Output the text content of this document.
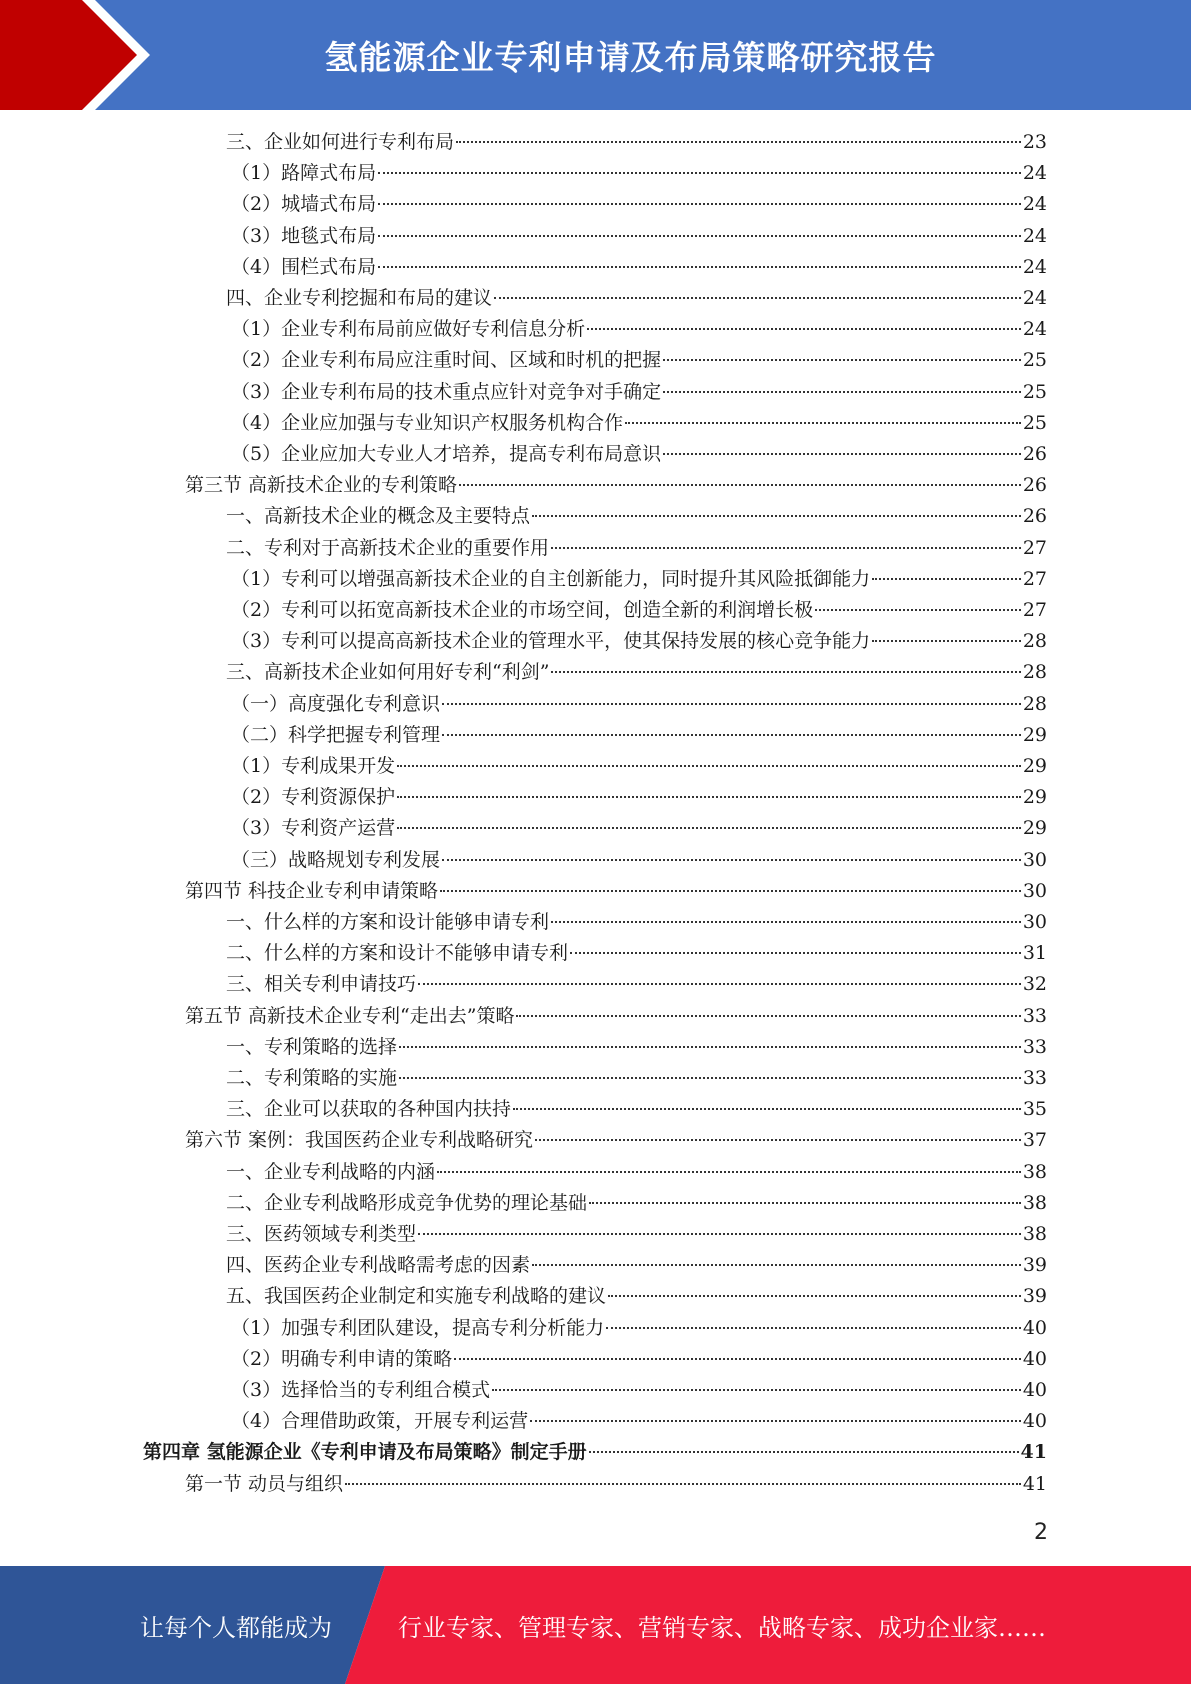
氢能源企业专利申请及布局策略研究报告
三、企业如何进行专利布局	23
（1）路障式布局	24
（2）城墙式布局	24
（3）地毯式布局	24
（4）围栏式布局	24
四、企业专利挖掘和布局的建议	24
（1）企业专利布局前应做好专利信息分析	24
（2）企业专利布局应注重时间、区域和时机的把握	25
（3）企业专利布局的技术重点应针对竞争对手确定	25
（4）企业应加强与专业知识产权服务机构合作	25
（5）企业应加大专业人才培养，提高专利布局意识	26
第三节 高新技术企业的专利策略	26
一、高新技术企业的概念及主要特点	26
二、专利对于高新技术企业的重要作用	27
（1）专利可以增强高新技术企业的自主创新能力，同时提升其风险抵御能力	27
（2）专利可以拓宽高新技术企业的市场空间，创造全新的利润增长极	27
（3）专利可以提高高新技术企业的管理水平，使其保持发展的核心竞争能力	28
三、高新技术企业如何用好专利“利剑”	28
（一）高度强化专利意识	28
（二）科学把握专利管理	29
（1）专利成果开发	29
（2）专利资源保护	29
（3）专利资产运营	29
（三）战略规划专利发展	30
第四节 科技企业专利申请策略	30
一、什么样的方案和设计能够申请专利	30
二、什么样的方案和设计不能够申请专利	31
三、相关专利申请技巧	32
第五节 高新技术企业专利“走出去”策略	33
一、专利策略的选择	33
二、专利策略的实施	33
三、企业可以获取的各种国内扶持	35
第六节 案例：我国医药企业专利战略研究	37
一、企业专利战略的内涵	38
二、企业专利战略形成竞争优势的理论基础	38
三、医药领域专利类型	38
四、医药企业专利战略需考虑的因素	39
五、我国医药企业制定和实施专利战略的建议	39
（1）加强专利团队建设，提高专利分析能力	40
（2）明确专利申请的策略	40
（3）选择恰当的专利组合模式	40
（4）合理借助政策，开展专利运营	40
第四章 氢能源企业《专利申请及布局策略》制定手册	41
第一节 动员与组织	41
2
让每个人都能成为	行业专家、管理专家、营销专家、战略专家、成功企业家……
